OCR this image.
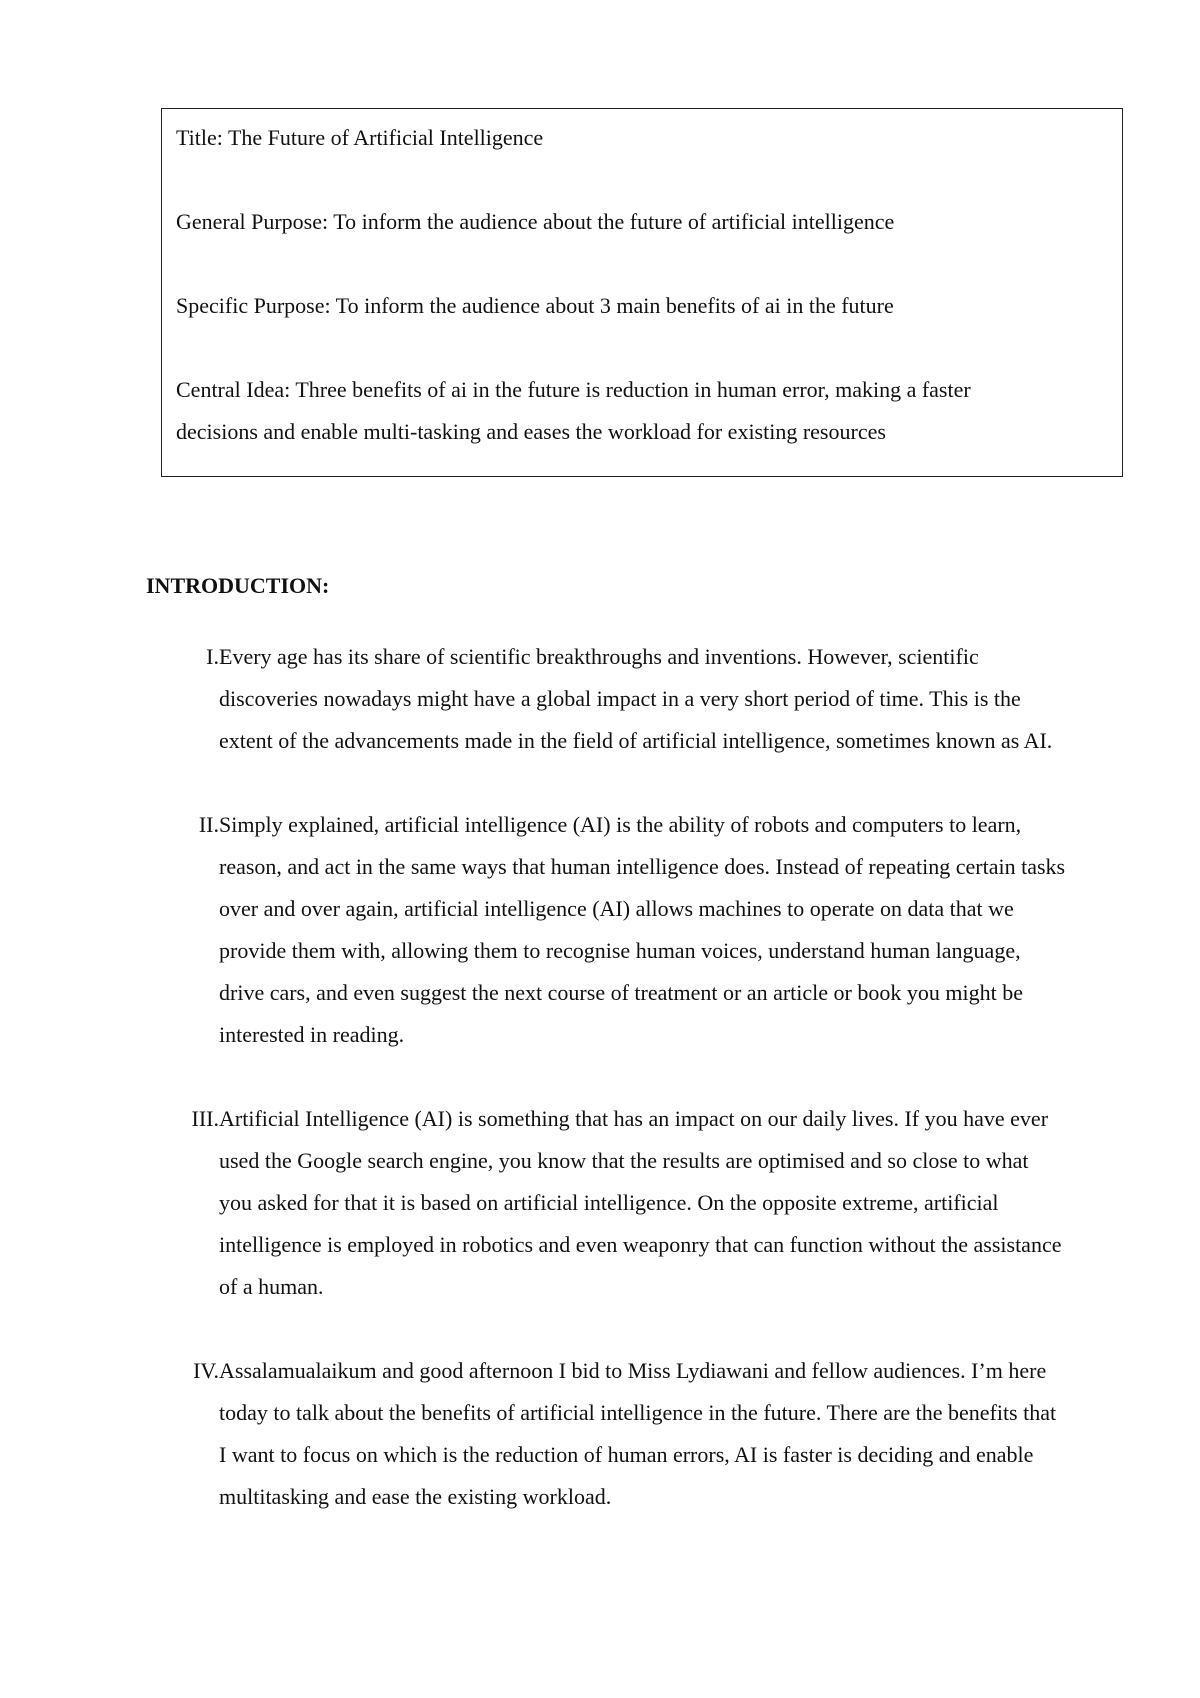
Title: The Future of Artificial Intelligence

General Purpose: To inform the audience about the future of artificial intelligence

Specific Purpose: To inform the audience about 3 main benefits of ai in the future

Central Idea: Three benefits of ai in the future is reduction in human error, making a faster
decisions and enable multi-tasking and eases the workload for existing resources

INTRODUCTION:
I. Every age has its share of scientific breakthroughs and inventions. However, scientific discoveries nowadays might have a global impact in a very short period of time. This is the extent of the advancements made in the field of artificial intelligence, sometimes known as AI.
II. Simply explained, artificial intelligence (AI) is the ability of robots and computers to learn, reason, and act in the same ways that human intelligence does. Instead of repeating certain tasks over and over again, artificial intelligence (AI) allows machines to operate on data that we provide them with, allowing them to recognise human voices, understand human language, drive cars, and even suggest the next course of treatment or an article or book you might be interested in reading.
III. Artificial Intelligence (AI) is something that has an impact on our daily lives. If you have ever used the Google search engine, you know that the results are optimised and so close to what you asked for that it is based on artificial intelligence. On the opposite extreme, artificial intelligence is employed in robotics and even weaponry that can function without the assistance of a human.
IV. Assalamualaikum and good afternoon I bid to Miss Lydiawani and fellow audiences. I’m here today to talk about the benefits of artificial intelligence in the future. There are the benefits that I want to focus on which is the reduction of human errors, AI is faster is deciding and enable multitasking and ease the existing workload.
